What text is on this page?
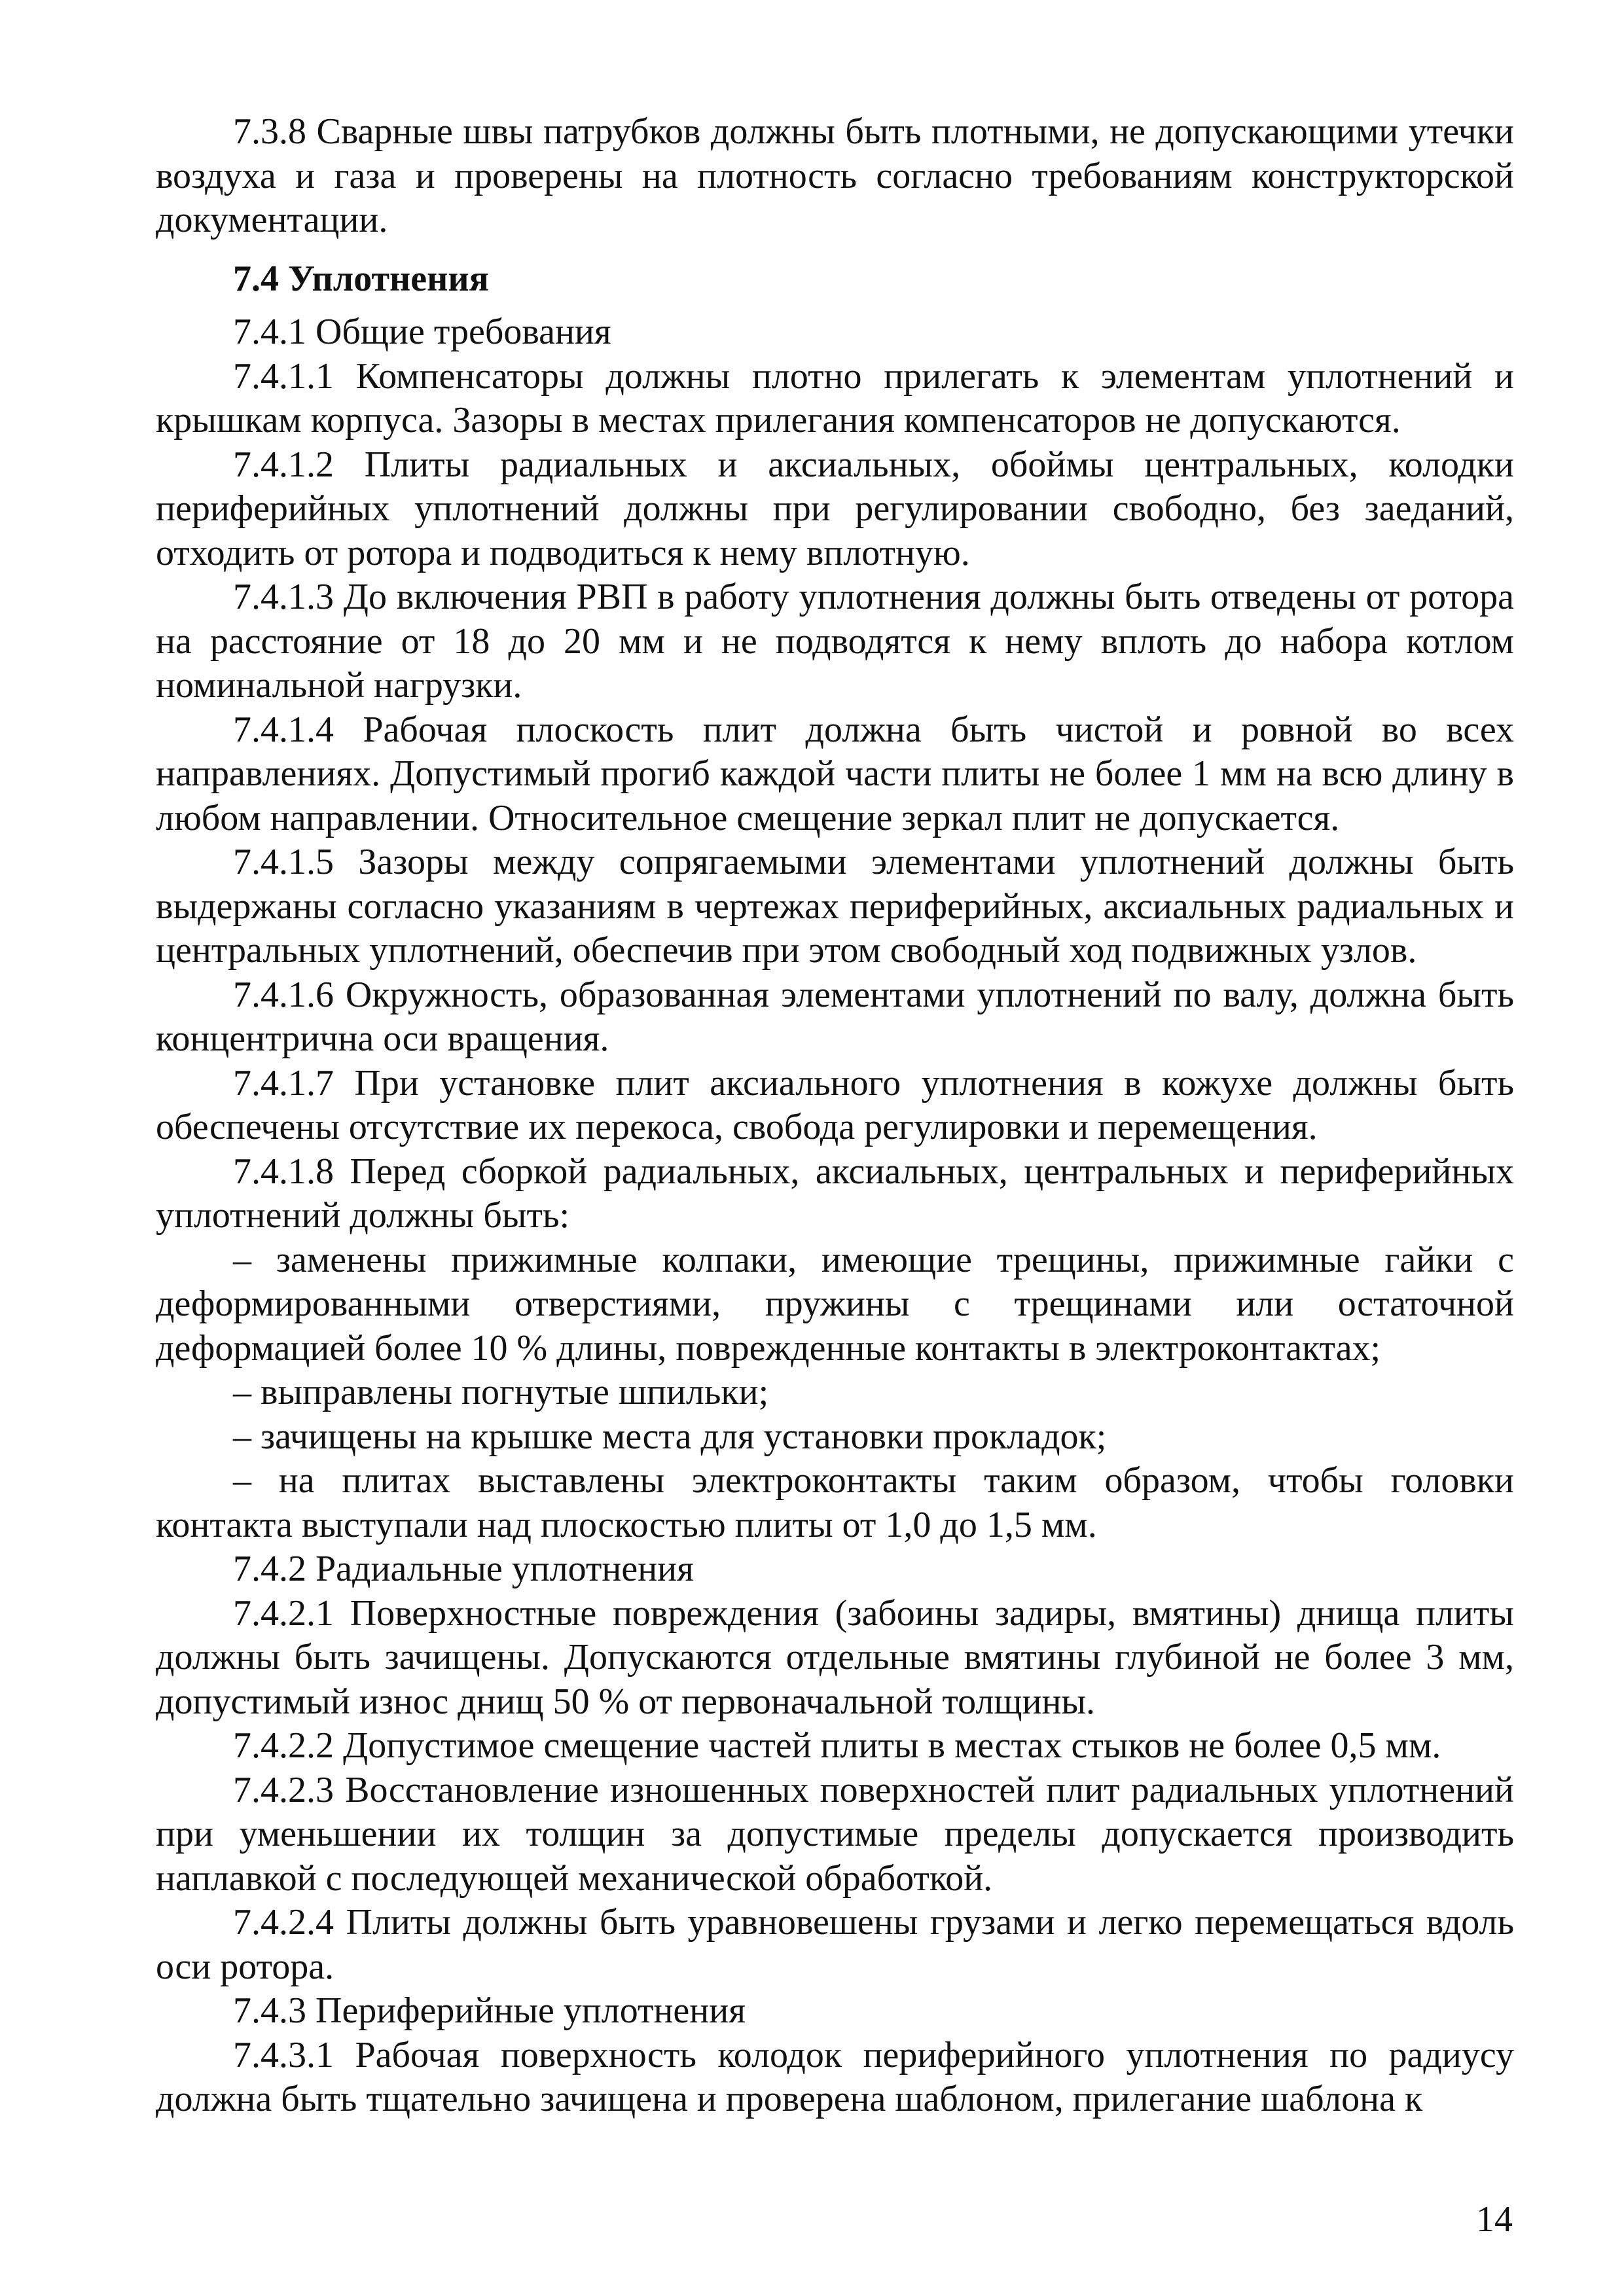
7.3.8 Сварные швы патрубков должны быть плотными, не допускающими утечки воздуха и газа и проверены на плотность согласно требованиям конструкторской документации.

7.4 Уплотнения

7.4.1 Общие требования

7.4.1.1 Компенсаторы должны плотно прилегать к элементам уплотнений и крышкам корпуса. Зазоры в местах прилегания компенсаторов не допускаются.

7.4.1.2 Плиты радиальных и аксиальных, обоймы центральных, колодки периферийных уплотнений должны при регулировании свободно, без заеданий, отходить от ротора и подводиться к нему вплотную.

7.4.1.3 До включения РВП в работу уплотнения должны быть отведены от ротора на расстояние от 18 до 20 мм и не подводятся к нему вплоть до набора котлом номинальной нагрузки.

7.4.1.4 Рабочая плоскость плит должна быть чистой и ровной во всех направлениях. Допустимый прогиб каждой части плиты не более 1 мм на всю длину в любом направлении. Относительное смещение зеркал плит не допускается.

7.4.1.5 Зазоры между сопрягаемыми элементами уплотнений должны быть выдержаны согласно указаниям в чертежах периферийных, аксиальных радиальных и центральных уплотнений, обеспечив при этом свободный ход подвижных узлов.

7.4.1.6 Окружность, образованная элементами уплотнений по валу, должна быть концентрична оси вращения.

7.4.1.7 При установке плит аксиального уплотнения в кожухе должны быть обеспечены отсутствие их перекоса, свобода регулировки и перемещения.

7.4.1.8 Перед сборкой радиальных, аксиальных, центральных и периферийных уплотнений должны быть:

– заменены прижимные колпаки, имеющие трещины, прижимные гайки с деформированными отверстиями, пружины с трещинами или остаточной деформацией более 10 % длины, поврежденные контакты в электроконтактах;

– выправлены погнутые шпильки;

– зачищены на крышке места для установки прокладок;

– на плитах выставлены электроконтакты таким образом, чтобы головки контакта выступали над плоскостью плиты от 1,0 до 1,5 мм.

7.4.2 Радиальные уплотнения

7.4.2.1 Поверхностные повреждения (забоины задиры, вмятины) днища плиты должны быть зачищены. Допускаются отдельные вмятины глубиной не более 3 мм, допустимый износ днищ 50 % от первоначальной толщины.

7.4.2.2 Допустимое смещение частей плиты в местах стыков не более 0,5 мм.

7.4.2.3 Восстановление изношенных поверхностей плит радиальных уплотнений при уменьшении их толщин за допустимые пределы допускается производить наплавкой с последующей механической обработкой.

7.4.2.4 Плиты должны быть уравновешены грузами и легко перемещаться вдоль оси ротора.

7.4.3 Периферийные уплотнения

7.4.3.1 Рабочая поверхность колодок периферийного уплотнения по радиусу должна быть тщательно зачищена и проверена шаблоном, прилегание шаблона к

14
